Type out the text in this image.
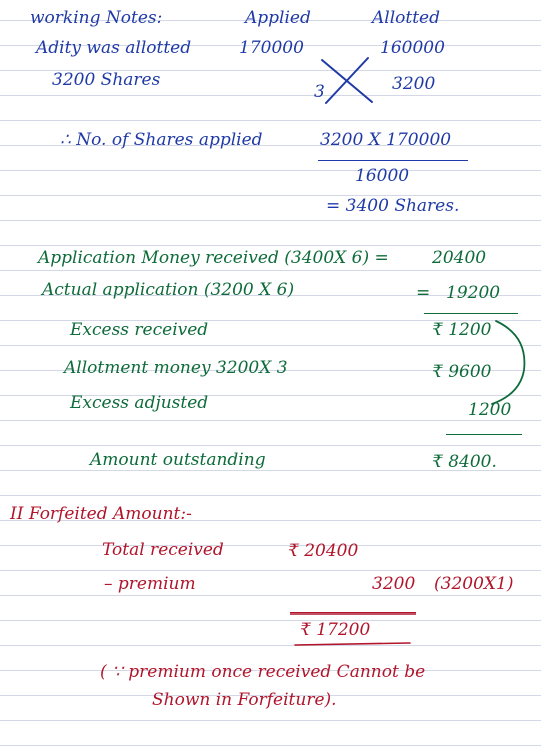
working Notes:	Applied	Allotted
Adity was allotted	170000	160000
3200 Shares
3	3200
∴ No. of Shares applied	3200 X 170000
16000
= 3400 Shares.
Application Money received (3400X 6) =	20400
Actual application (3200 X 6)	= 19200
Excess received	₹ 1200
Allotment money 3200X 3	₹ 9600
Excess adjusted	1200
Amount outstanding	₹ 8400.
II Forfeited Amount:-
Total received	₹ 20400
– premium	3200 (3200X1)
₹ 17200
( ∵ premium once received Cannot be
Shown in Forfeiture).
